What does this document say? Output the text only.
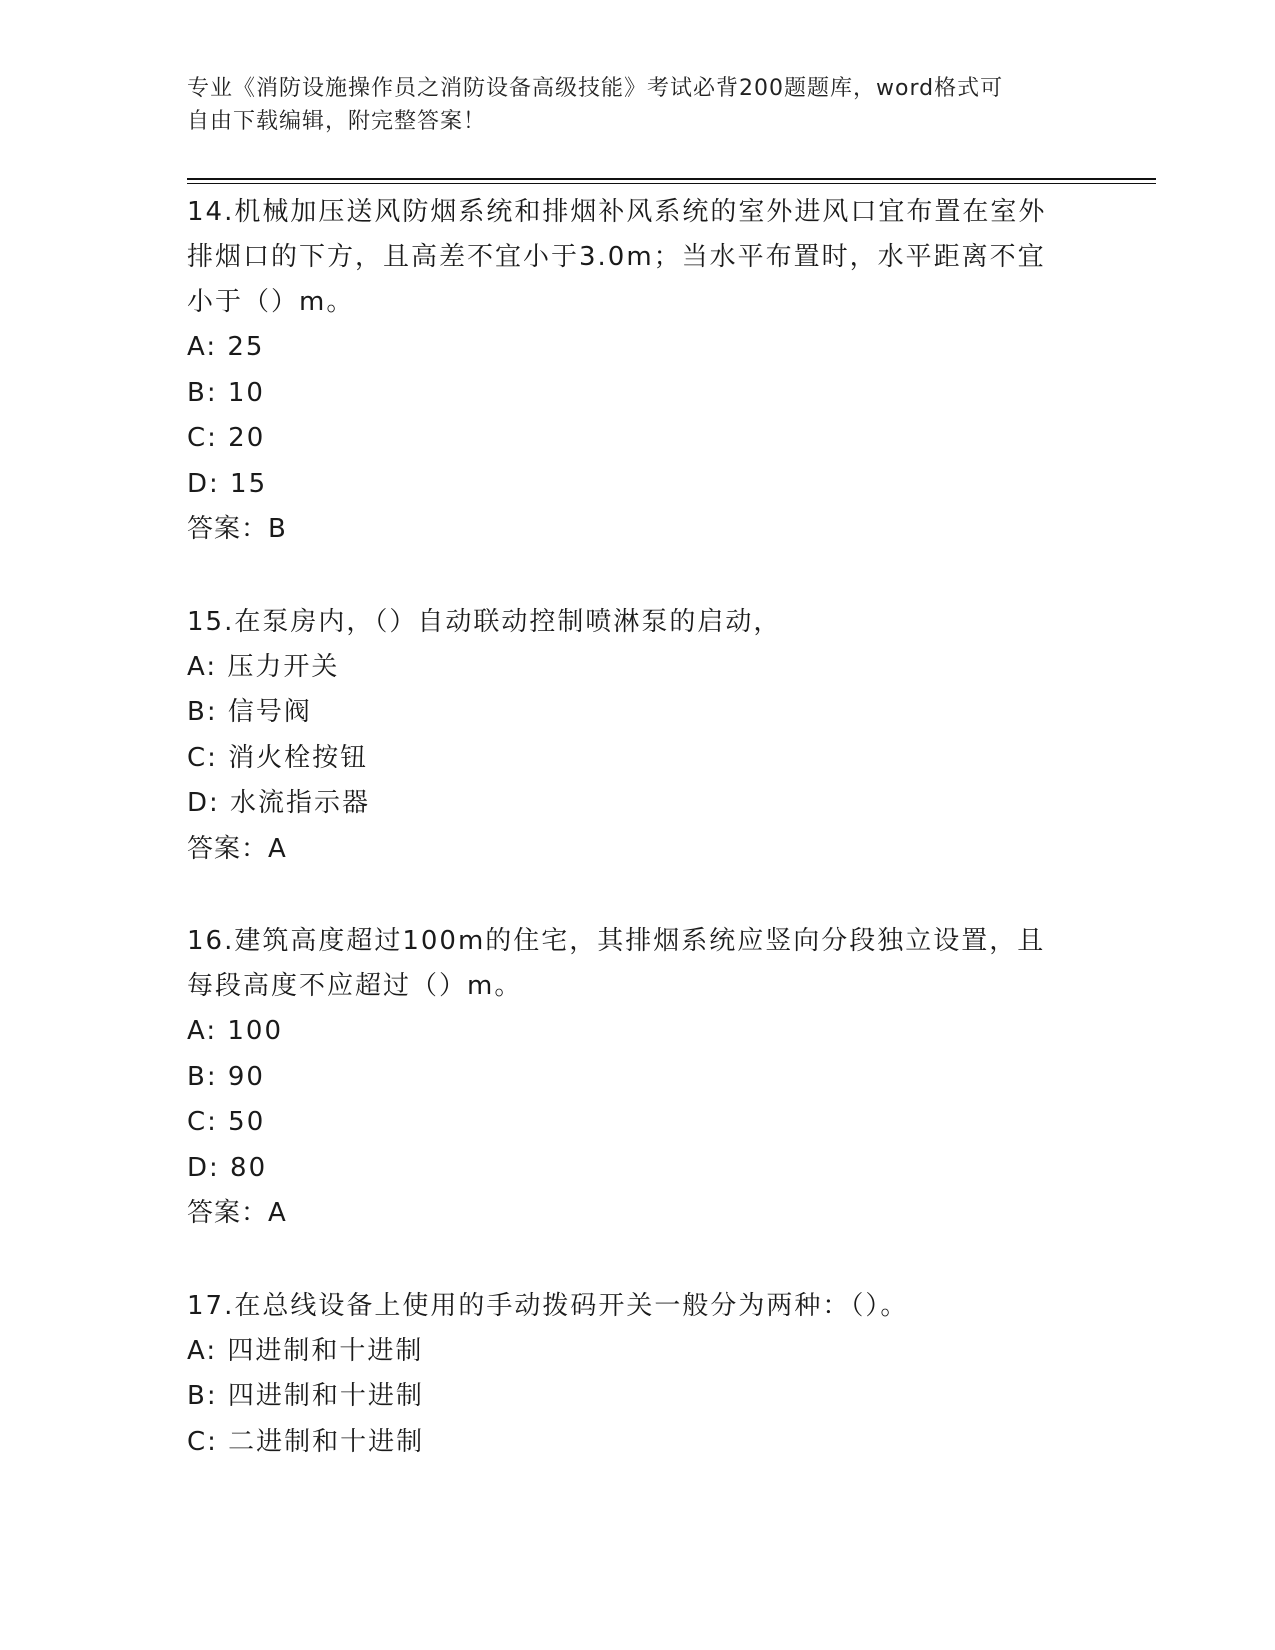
专业《消防设施操作员之消防设备高级技能》考试必背200题题库，word格式可
自由下载编辑，附完整答案！

14.机械加压送风防烟系统和排烟补风系统的室外进风口宜布置在室外

排烟口的下方，且高差不宜小于3.0m；当水平布置时，水平距离不宜

小于（）m。

A: 25

B: 10

C: 20

D: 15

答案：B

15.在泵房内，（）自动联动控制喷淋泵的启动，

A: 压力开关

B: 信号阀

C: 消火栓按钮

D: 水流指示器

答案：A

16.建筑高度超过100m的住宅，其排烟系统应竖向分段独立设置，且

每段高度不应超过（）m。

A: 100

B: 90

C: 50

D: 80

答案：A

17.在总线设备上使用的手动拨码开关一般分为两种：（）。

A: 四进制和十进制

B: 四进制和十进制

C: 二进制和十进制
